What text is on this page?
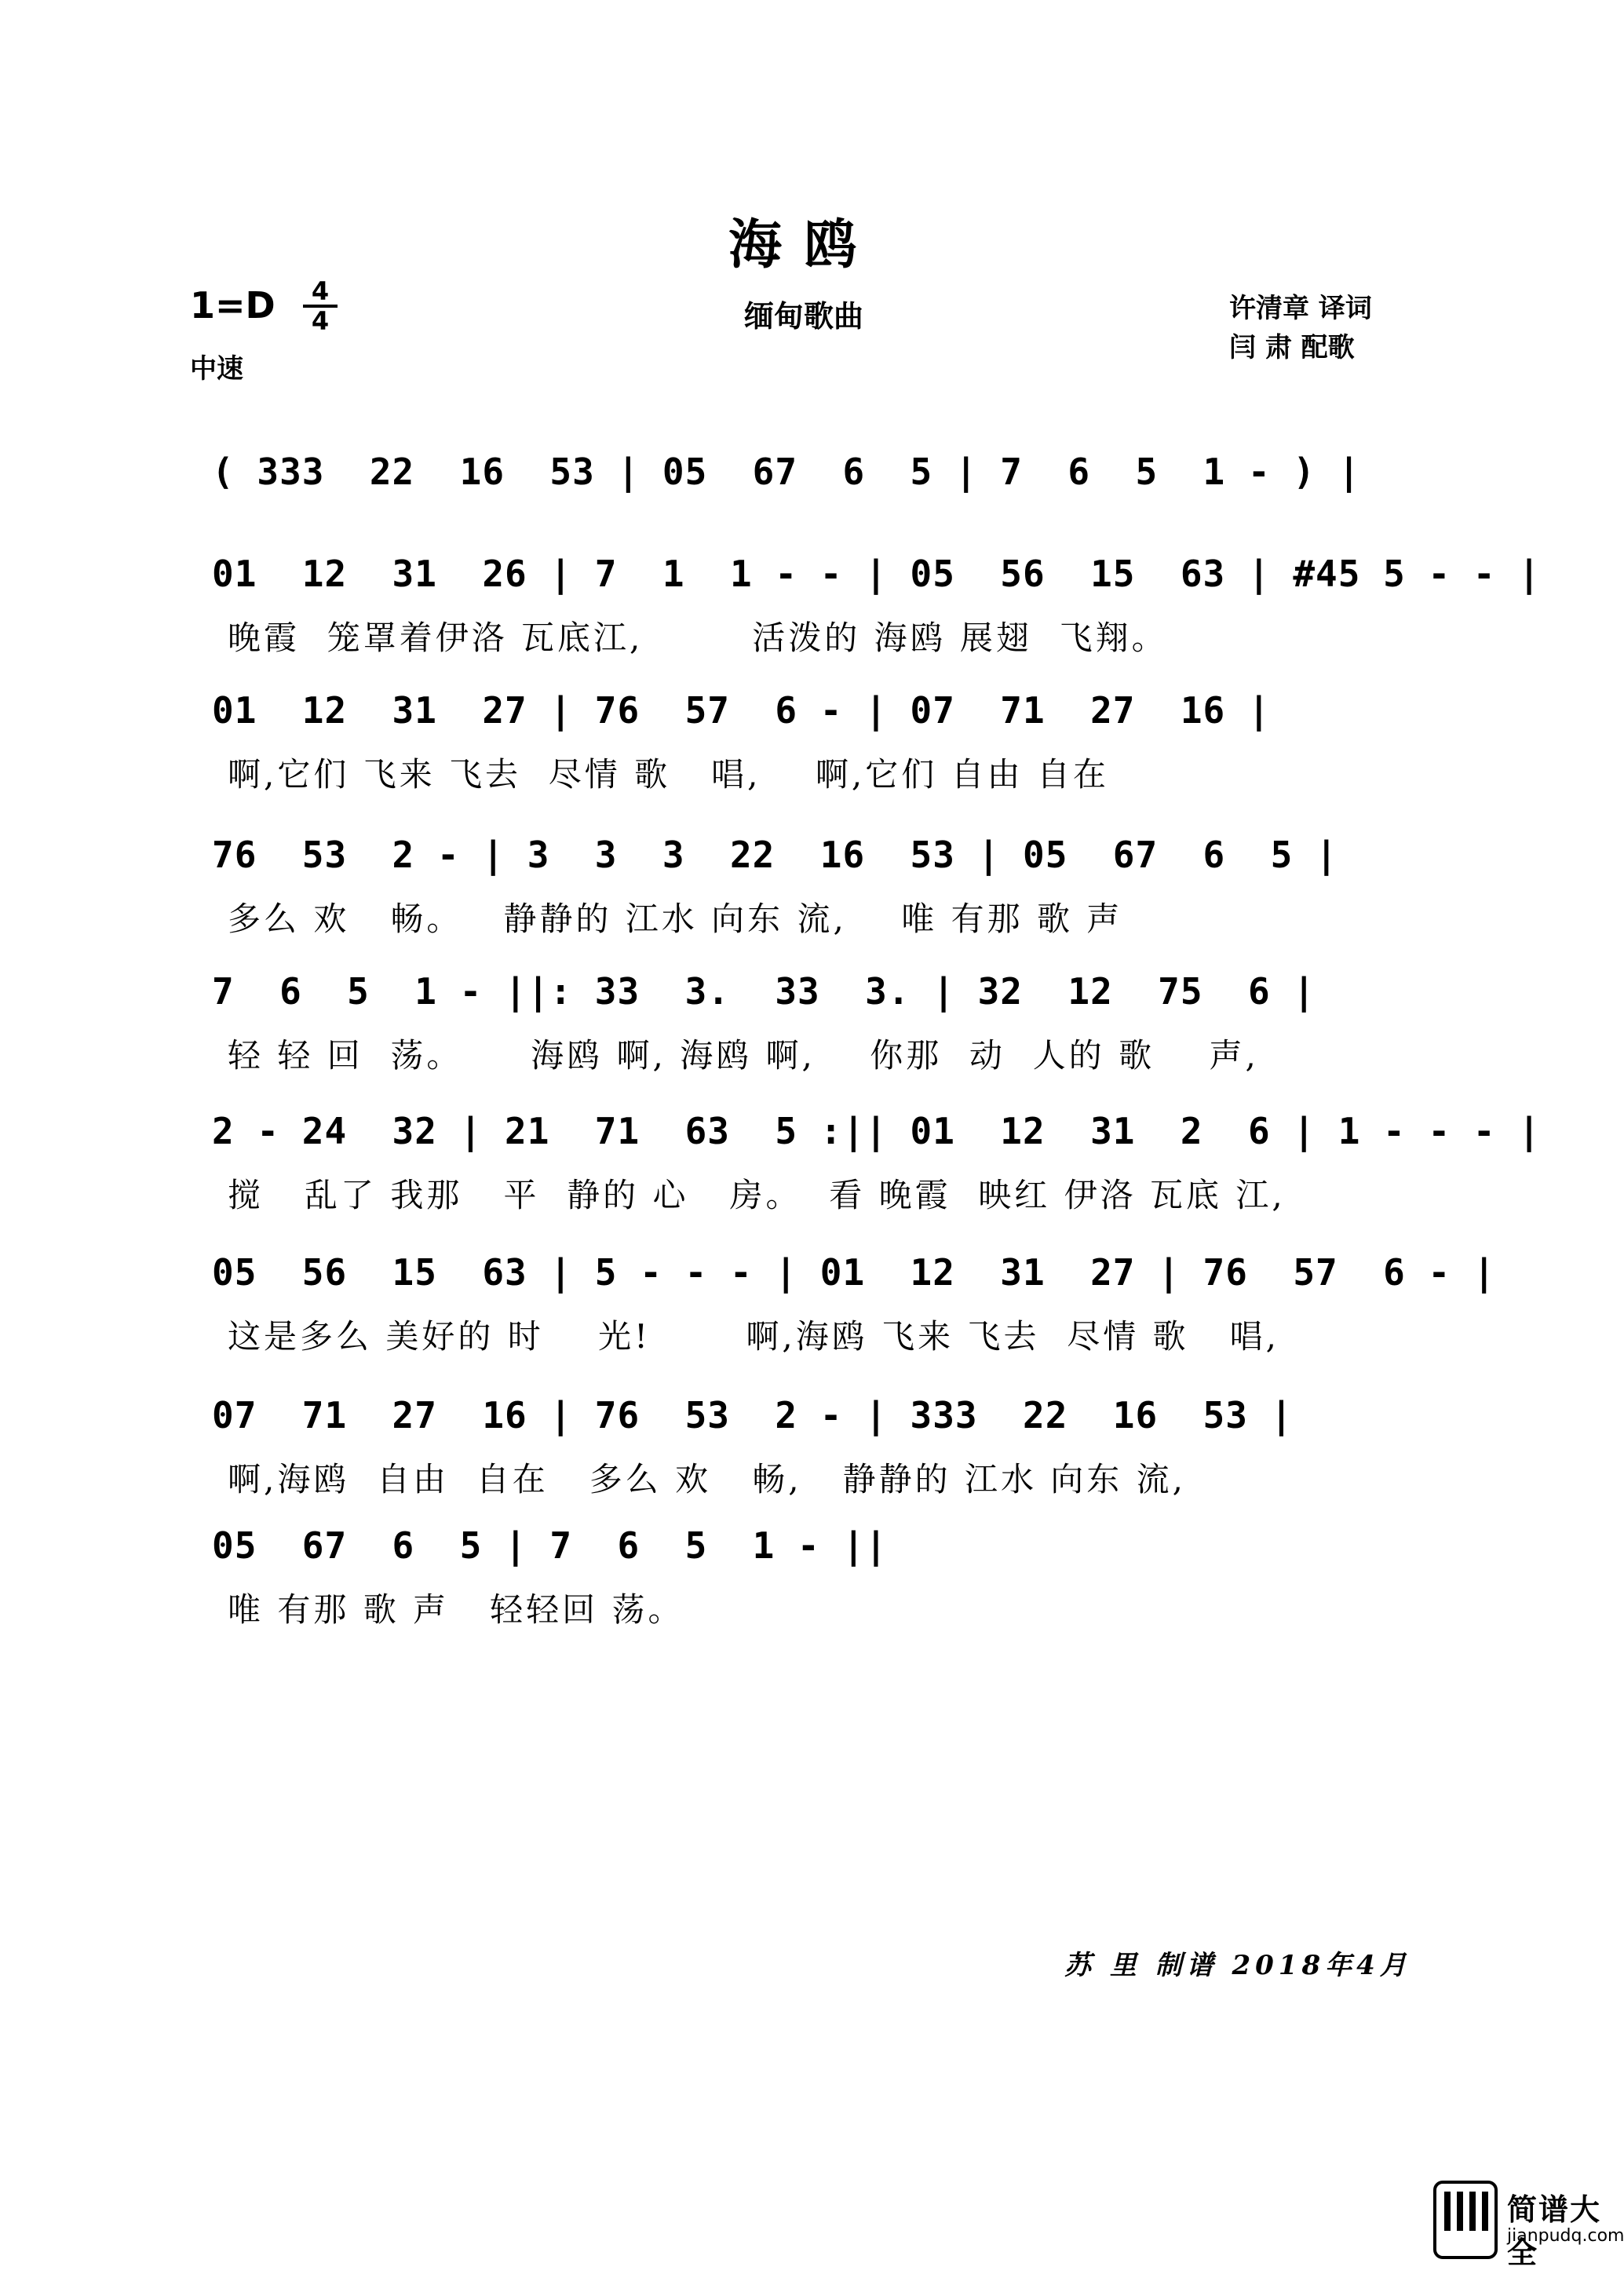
海鸥
1=D	4
4
中速
缅甸歌曲	许清章 译词
闫 肃 配歌
( 333  22  16  53 | 05  67  6  5 | 7  6  5  1 - ) |
01  12  31  26 | 7  1  1 - - | 05  56  15  63 | #45 5 - - |
晚霞  笼罩着伊洛 瓦底江,        活泼的 海鸥 展翅  飞翔。
01  12  31  27 | 76  57  6 - | 07  71  27  16 |
啊,它们 飞来 飞去  尽情 歌   唱,    啊,它们 自由 自在
76  53  2 - | 3  3  3  22  16  53 | 05  67  6  5 |
多么 欢   畅。   静静的 江水 向东 流,    唯 有那 歌 声
7  6  5  1 - ||: 33  3.  33  3. | 32  12  75  6 |
轻 轻 回  荡。     海鸥 啊, 海鸥 啊,    你那  动  人的 歌    声,
2 - 24  32 | 21  71  63  5 :|| 01  12  31  2  6 | 1 - - - |
搅   乱了 我那   平  静的 心   房。  看 晚霞  映红 伊洛 瓦底 江,
05  56  15  63 | 5 - - - | 01  12  31  27 | 76  57  6 - |
这是多么 美好的 时    光!       啊,海鸥 飞来 飞去  尽情 歌   唱,
07  71  27  16 | 76  53  2 - | 333  22  16  53 |
啊,海鸥  自由  自在   多么 欢   畅,   静静的 江水 向东 流,
05  67  6  5 | 7  6  5  1 - ||
唯 有那 歌 声   轻轻回 荡。
苏 里 制谱 2018年4月
简谱大全
jianpudq.com
